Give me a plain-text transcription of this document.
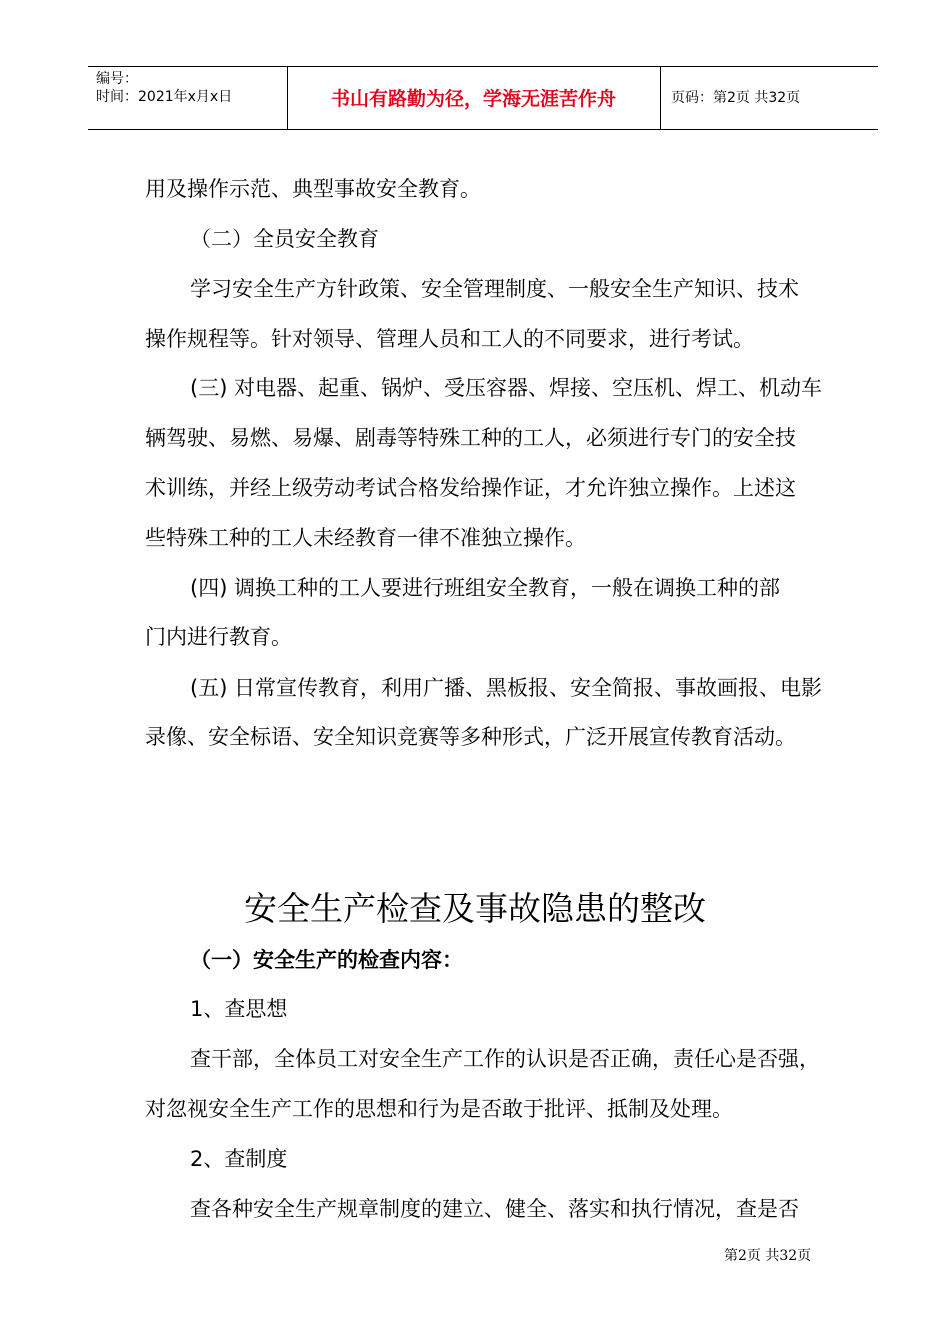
编号：
时间：2021年x月x日	书山有路勤为径，学海无涯苦作舟	页码：第2页 共32页
用及操作示范、典型事故安全教育。
（二）全员安全教育
学习安全生产方针政策、安全管理制度、一般安全生产知识、技术
操作规程等。针对领导、管理人员和工人的不同要求，进行考试。
(三) 对电器、起重、锅炉、受压容器、焊接、空压机、焊工、机动车
辆驾驶、易燃、易爆、剧毒等特殊工种的工人，必须进行专门的安全技
术训练，并经上级劳动考试合格发给操作证，才允许独立操作。上述这
些特殊工种的工人未经教育一律不准独立操作。
(四) 调换工种的工人要进行班组安全教育，一般在调换工种的部
门内进行教育。
(五) 日常宣传教育，利用广播、黑板报、安全简报、事故画报、电影
录像、安全标语、安全知识竞赛等多种形式，广泛开展宣传教育活动。
安全生产检查及事故隐患的整改
（一）安全生产的检查内容：
1、查思想
查干部，全体员工对安全生产工作的认识是否正确，责任心是否强，
对忽视安全生产工作的思想和行为是否敢于批评、抵制及处理。
2、查制度
查各种安全生产规章制度的建立、健全、落实和执行情况，查是否
第2页 共32页
